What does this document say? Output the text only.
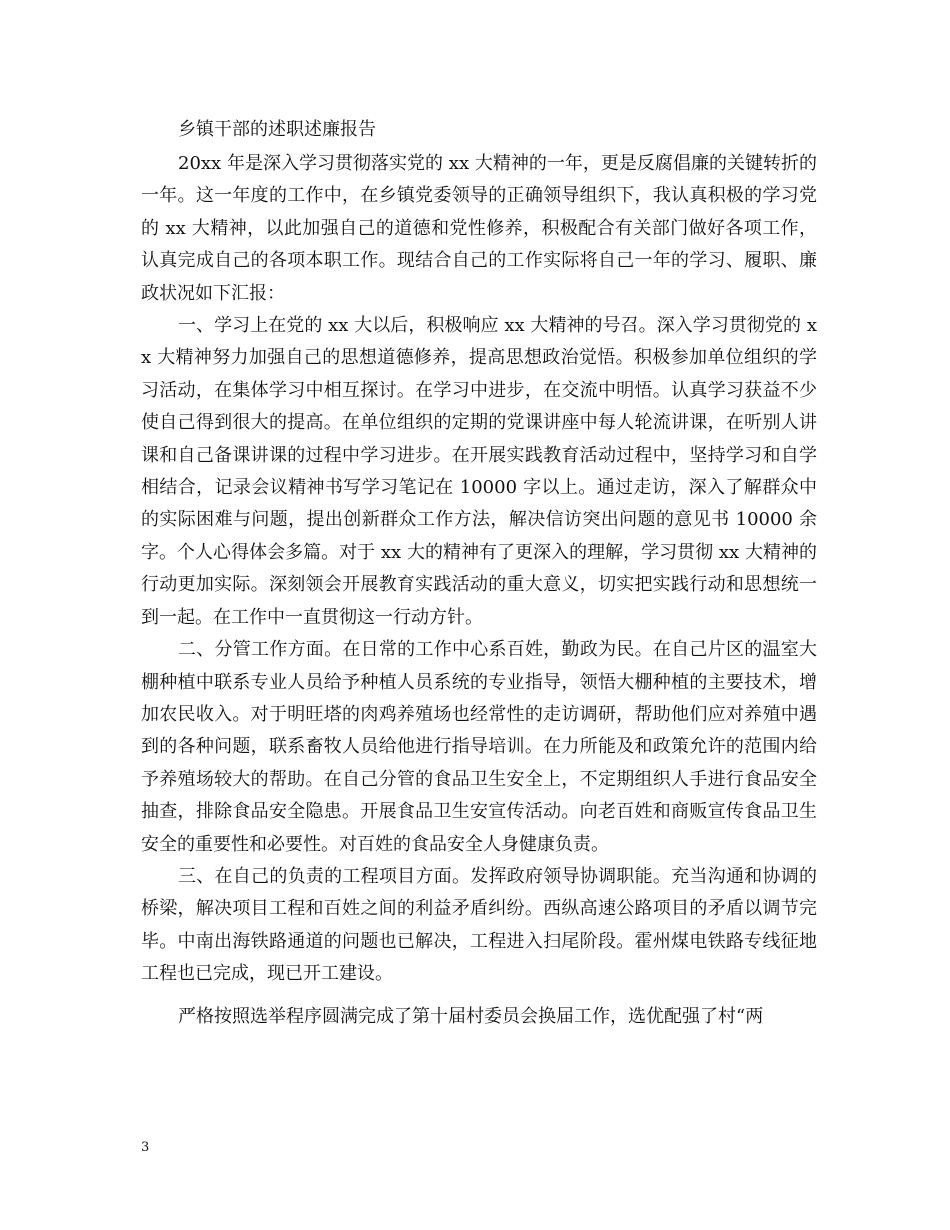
乡镇干部的述职述廉报告

20xx 年是深入学习贯彻落实党的 xx 大精神的一年，更是反腐倡廉的关键转折的一年。这一年度的工作中，在乡镇党委领导的正确领导组织下，我认真积极的学习党的 xx 大精神，以此加强自己的道德和党性修养，积极配合有关部门做好各项工作，认真完成自己的各项本职工作。现结合自己的工作实际将自己一年的学习、履职、廉政状况如下汇报：

一、学习上在党的 xx 大以后，积极响应 xx 大精神的号召。深入学习贯彻党的 xx 大精神努力加强自己的思想道德修养，提高思想政治觉悟。积极参加单位组织的学习活动，在集体学习中相互探讨。在学习中进步，在交流中明悟。认真学习获益不少使自己得到很大的提高。在单位组织的定期的党课讲座中每人轮流讲课，在听别人讲课和自己备课讲课的过程中学习进步。在开展实践教育活动过程中，坚持学习和自学相结合，记录会议精神书写学习笔记在 10000 字以上。通过走访，深入了解群众中的实际困难与问题，提出创新群众工作方法，解决信访突出问题的意见书 10000 余字。个人心得体会多篇。对于 xx 大的精神有了更深入的理解，学习贯彻 xx 大精神的行动更加实际。深刻领会开展教育实践活动的重大意义，切实把实践行动和思想统一到一起。在工作中一直贯彻这一行动方针。

二、分管工作方面。在日常的工作中心系百姓，勤政为民。在自己片区的温室大棚种植中联系专业人员给予种植人员系统的专业指导，领悟大棚种植的主要技术，增加农民收入。对于明旺塔的肉鸡养殖场也经常性的走访调研，帮助他们应对养殖中遇到的各种问题，联系畜牧人员给他进行指导培训。在力所能及和政策允许的范围内给予养殖场较大的帮助。在自己分管的食品卫生安全上，不定期组织人手进行食品安全抽查，排除食品安全隐患。开展食品卫生安宣传活动。向老百姓和商贩宣传食品卫生安全的重要性和必要性。对百姓的食品安全人身健康负责。

三、在自己的负责的工程项目方面。发挥政府领导协调职能。充当沟通和协调的桥梁，解决项目工程和百姓之间的利益矛盾纠纷。西纵高速公路项目的矛盾以调节完毕。中南出海铁路通道的问题也已解决，工程进入扫尾阶段。霍州煤电铁路专线征地工程也已完成，现已开工建设。

严格按照选举程序圆满完成了第十届村委员会换届工作，选优配强了村“两

3
